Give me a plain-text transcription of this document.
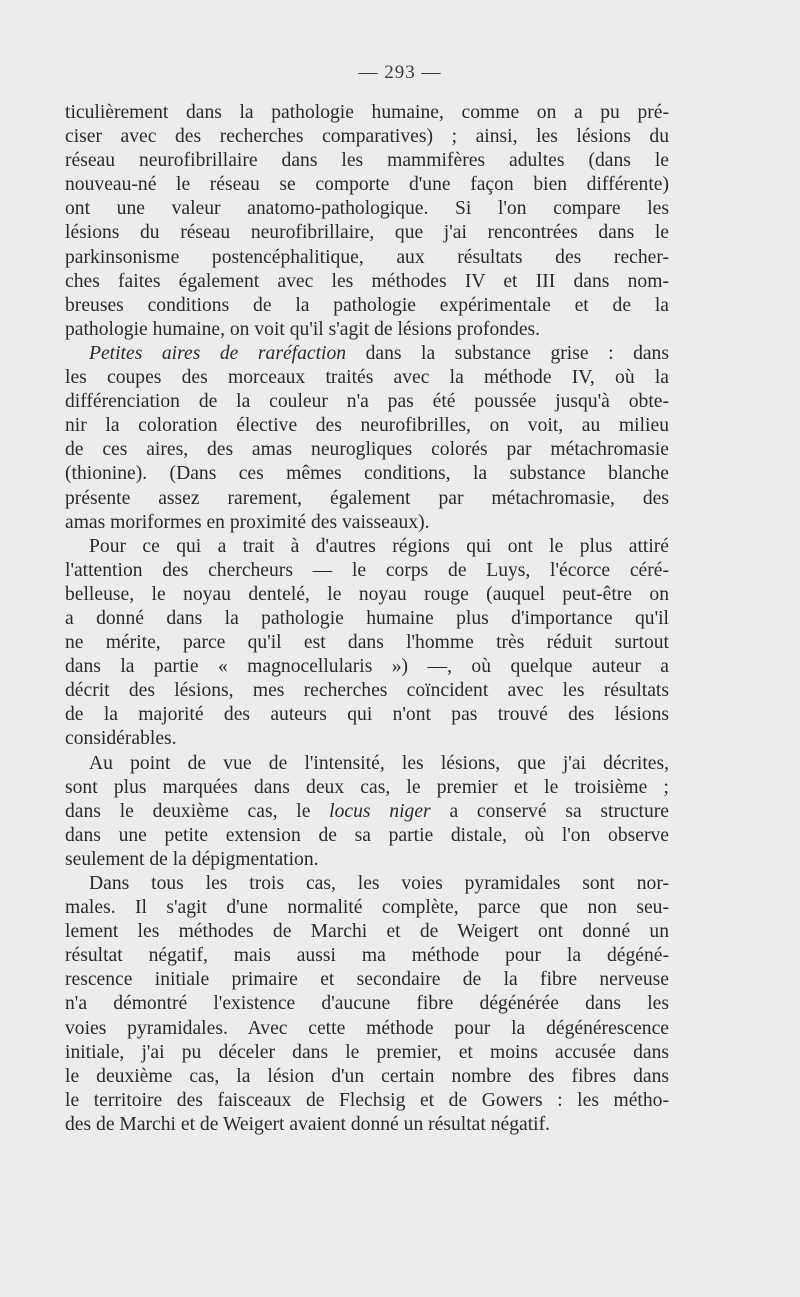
— 293 —
ticulièrement dans la pathologie humaine, comme on a pu pré-
ciser avec des recherches comparatives) ; ainsi, les lésions du
réseau neurofibrillaire dans les mammifères adultes (dans le
nouveau-né le réseau se comporte d'une façon bien différente)
ont une valeur anatomo-pathologique. Si l'on compare les
lésions du réseau neurofibrillaire, que j'ai rencontrées dans le
parkinsonisme postencéphalitique, aux résultats des recher-
ches faites également avec les méthodes IV et III dans nom-
breuses conditions de la pathologie expérimentale et de la
pathologie humaine, on voit qu'il s'agit de lésions profondes.
Petites aires de raréfaction dans la substance grise : dans
les coupes des morceaux traités avec la méthode IV, où la
différenciation de la couleur n'a pas été poussée jusqu'à obte-
nir la coloration élective des neurofibrilles, on voit, au milieu
de ces aires, des amas neurogliques colorés par métachromasie
(thionine). (Dans ces mêmes conditions, la substance blanche
présente assez rarement, également par métachromasie, des
amas moriformes en proximité des vaisseaux).
Pour ce qui a trait à d'autres régions qui ont le plus attiré
l'attention des chercheurs — le corps de Luys, l'écorce céré-
belleuse, le noyau dentelé, le noyau rouge (auquel peut-être on
a donné dans la pathologie humaine plus d'importance qu'il
ne mérite, parce qu'il est dans l'homme très réduit surtout
dans la partie « magnocellularis ») —, où quelque auteur a
décrit des lésions, mes recherches coïncident avec les résultats
de la majorité des auteurs qui n'ont pas trouvé des lésions
considérables.
Au point de vue de l'intensité, les lésions, que j'ai décrites,
sont plus marquées dans deux cas, le premier et le troisième ;
dans le deuxième cas, le locus niger a conservé sa structure
dans une petite extension de sa partie distale, où l'on observe
seulement de la dépigmentation.
Dans tous les trois cas, les voies pyramidales sont nor-
males. Il s'agit d'une normalité complète, parce que non seu-
lement les méthodes de Marchi et de Weigert ont donné un
résultat négatif, mais aussi ma méthode pour la dégéné-
rescence initiale primaire et secondaire de la fibre nerveuse
n'a démontré l'existence d'aucune fibre dégénérée dans les
voies pyramidales. Avec cette méthode pour la dégénérescence
initiale, j'ai pu déceler dans le premier, et moins accusée dans
le deuxième cas, la lésion d'un certain nombre des fibres dans
le territoire des faisceaux de Flechsig et de Gowers : les métho-
des de Marchi et de Weigert avaient donné un résultat négatif.
